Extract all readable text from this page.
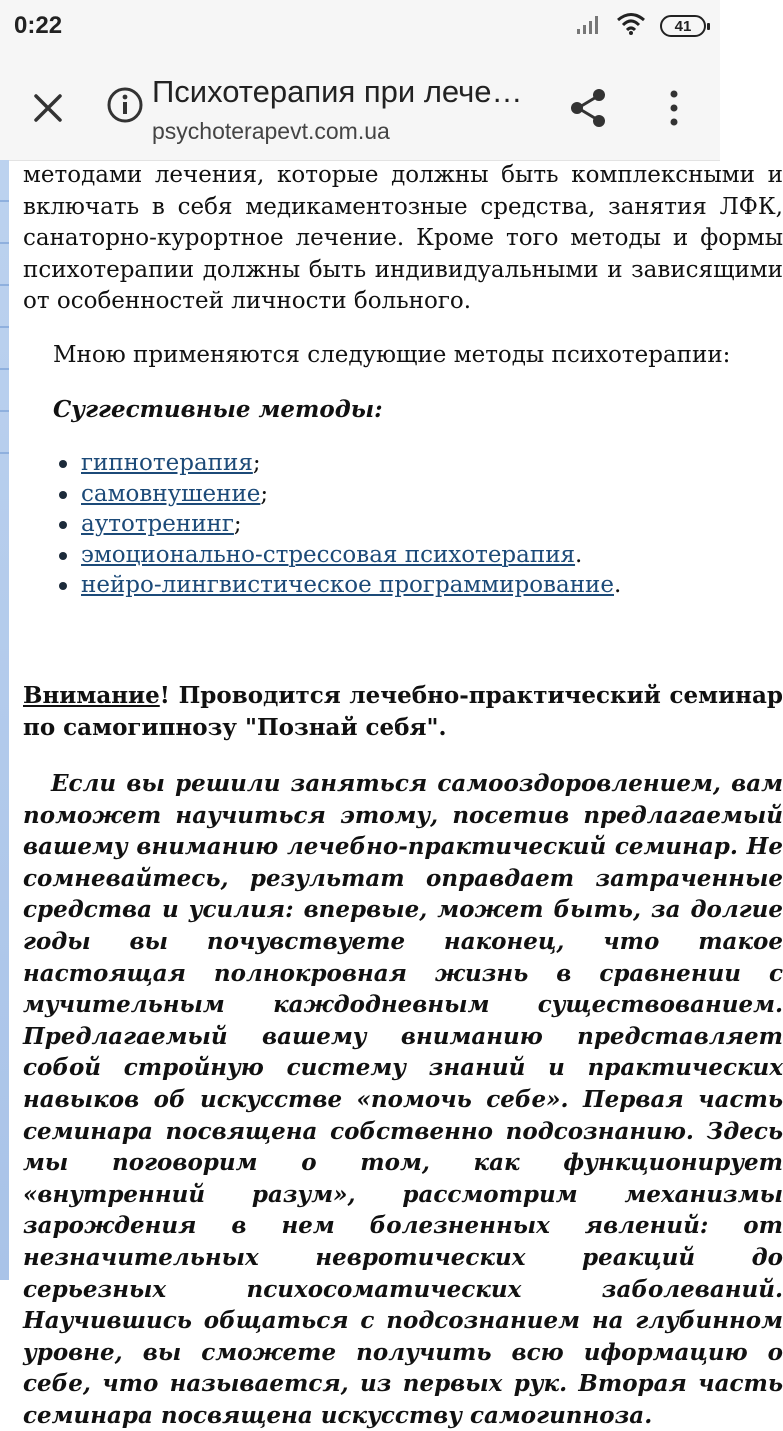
0:22	41
Психотерапия при лече…
psychoterapevt.com.ua

методами лечения, которые должны быть комплексными и включать в себя медикаментозные средства, занятия ЛФК, санаторно-курортное лечение. Кроме того методы и формы психотерапии должны быть индивидуальными и зависящими от особенностей личности больного.

Мною применяются следующие методы психотерапии:
Суггестивные методы:
гипнотерапия;
самовнушение;
аутотренинг;
эмоционально-стрессовая психотерапия.
нейро-лингвистическое программирование.
Внимание! Проводится лечебно-практический семинар по самогипнозу "Познай себя".
Если вы решили заняться самооздоровлением, вам поможет научиться этому, посетив предлагаемый вашему вниманию лечебно-практический семинар. Не сомневайтесь, результат оправдает затраченные средства и усилия: впервые, может быть, за долгие годы вы почувствуете наконец, что такое настоящая полнокровная жизнь в сравнении с мучительным каждодневным существованием. Предлагаемый вашему вниманию представляет собой стройную систему знаний и практических навыков об искусстве «помочь себе». Первая часть семинара посвящена собственно подсознанию. Здесь мы поговорим о том, как функционирует «внутренний разум», рассмотрим механизмы зарождения в нем болезненных явлений: от незначительных невротических реакций до серьезных психосоматических заболеваний. Научившись общаться с подсознанием на глубинном уровне, вы сможете получить всю иформацию о себе, что называется, из первых рук. Вторая часть семинара посвящена искусству самогипноза.
